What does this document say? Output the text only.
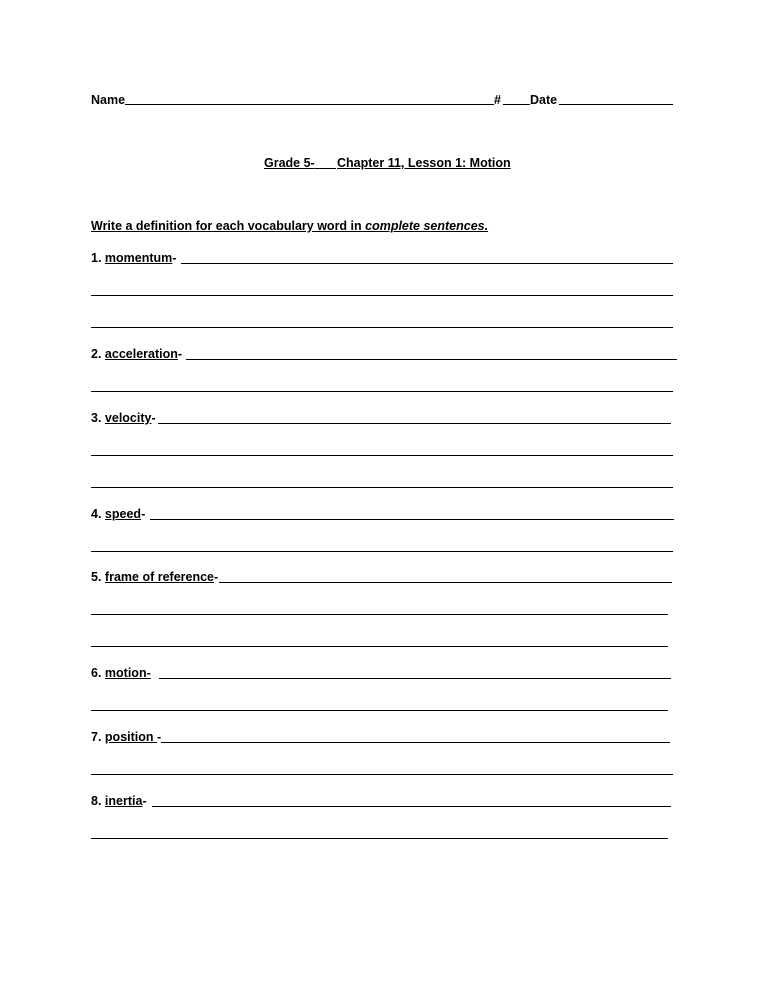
Name	# Date
Grade 5- Chapter 11, Lesson 1: Motion
Write a definition for each vocabulary word in complete sentences.
1. momentum-
2. acceleration-
3. velocity-
4. speed-
5. frame of reference-
6. motion-
7. position -
8. inertia-
